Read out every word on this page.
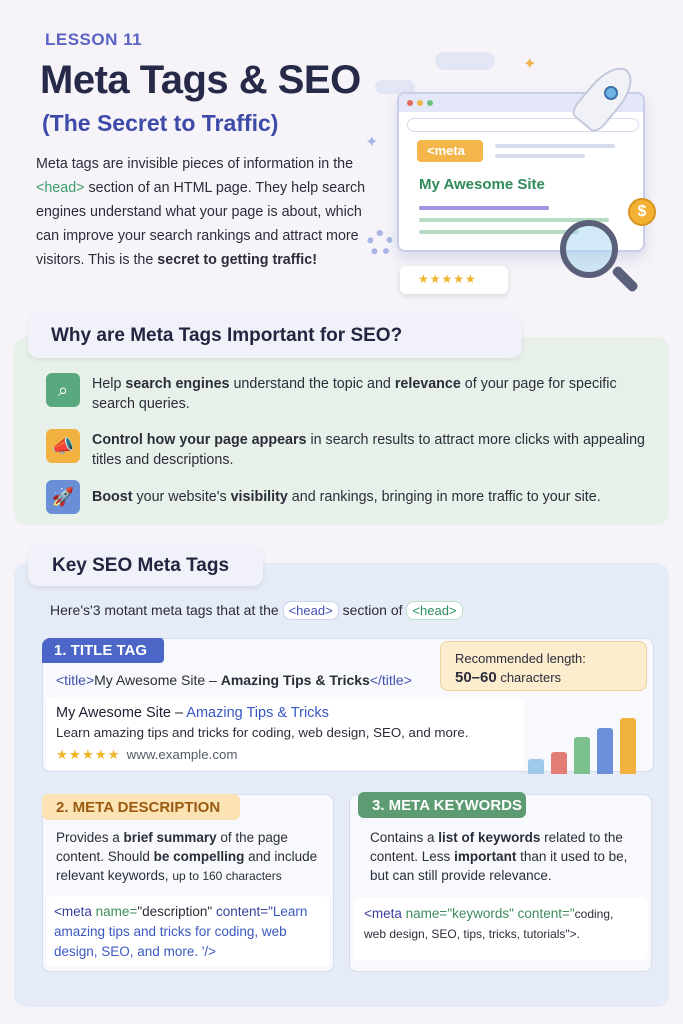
LESSON 11
Meta Tags & SEO
(The Secret to Traffic)
Meta tags are invisible pieces of information in the <head> section of an HTML page. They help search engines understand what your page is about, which can improve your search rankings and attract more visitors. This is the secret to getting traffic!
✦
✦	<meta
My Awesome Site
$
★★★★★
Why are Meta Tags Important for SEO?
⌕	Help search engines understand the topic and relevance of your page for specific search queries.
📣	Control how your page appears in search results to attract more clicks with appealing titles and descriptions.
🚀	Boost your website's visibility and rankings, bringing in more traffic to your site.
Key SEO Meta Tags
Here's'3 motant meta tags that at the <head> section of <head>
1. TITLE TAG
<title>My Awesome Site – Amazing Tips & Tricks</title>
Recommended length:
50–60 characters
My Awesome Site – Amazing Tips & Tricks
Learn amazing tips and tricks for coding, web design, SEO, and more.
★★★★★ www.example.com
2. META DESCRIPTION
Provides a brief summary of the page content. Should be compelling and include relevant keywords, up to 160 characters
<meta name="description" content="Learn amazing tips and tricks for coding, web design, SEO, and more. '/>
3. META KEYWORDS
Contains a list of keywords related to the content. Less important than it used to be, but can still provide relevance.
<meta name="keywords" content="coding, web design, SEO, tips, tricks, tutorials">.
